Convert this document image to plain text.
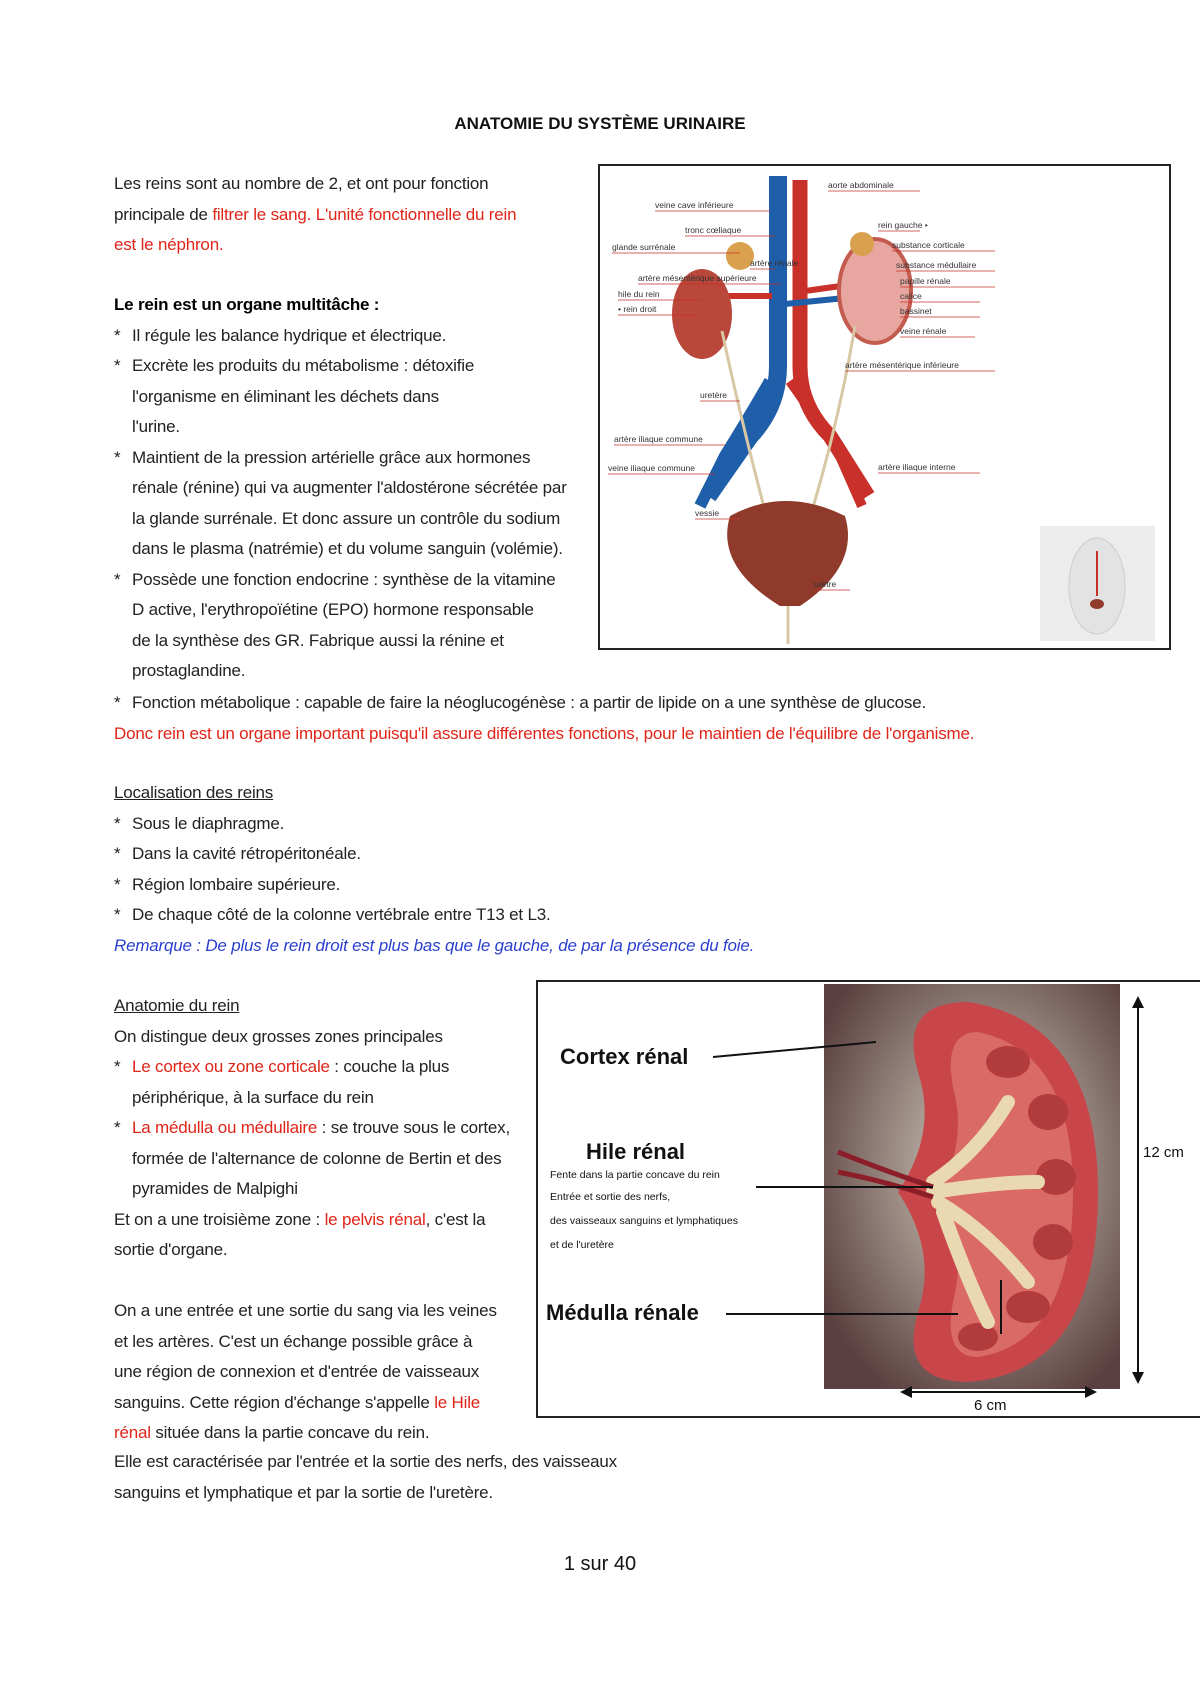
ANATOMIE DU SYSTÈME URINAIRE
Les reins sont au nombre de 2, et ont pour fonction
principale de filtrer le sang. L'unité fonctionnelle du rein
est le néphron.
Le rein est un organe multitâche :
* Il régule les balance hydrique et électrique.
* Excrète les produits du métabolisme : détoxifie l'organisme en éliminant les déchets dans l'urine.
* Maintient de la pression artérielle grâce aux hormones rénale (rénine) qui va augmenter l'aldostérone sécrétée par la glande surrénale. Et donc assure un contrôle du sodium dans le plasma (natrémie) et du volume sanguin (volémie).
* Possède une fonction endocrine : synthèse de la vitamine D active, l'erythropoïétine (EPO) hormone responsable de la synthèse des GR. Fabrique aussi la rénine et prostaglandine.
* Fonction métabolique : capable de faire la néoglucogénèse : a partir de lipide on a une synthèse de glucose.
Donc rein est un organe important puisqu'il assure différentes fonctions, pour le maintien de l'équilibre de l'organisme.
Localisation des reins
* Sous le diaphragme.
* Dans la cavité rétropéritonéale.
* Région lombaire supérieure.
* De chaque côté de la colonne vertébrale entre T13 et L3.
Remarque : De plus le rein droit est plus bas que le gauche, de par la présence du foie.
Anatomie du rein
On distingue deux grosses zones principales
* Le cortex ou zone corticale : couche la plus périphérique, à la surface du rein
* La médulla ou médullaire : se trouve sous le cortex, formée de l'alternance de colonne de Bertin et des pyramides de Malpighi
Et on a une troisième zone : le pelvis rénal, c'est la sortie d'organe.
On a une entrée et une sortie du sang via les veines et les artères. C'est un échange possible grâce à une région de connexion et d'entrée de vaisseaux sanguins. Cette région d'échange s'appelle le Hile rénal située dans la partie concave du rein.
Elle est caractérisée par l'entrée et la sortie des nerfs, des vaisseaux sanguins et lymphatique et par la sortie de l'uretère.
veine cave inférieure
tronc cœliaque
glande surrénale
artère rénale
artère mésentérique supérieure
hile du rein
• rein droit
uretère
artère iliaque commune
veine iliaque commune
vessie
aorte abdominale
rein gauche •
substance corticale
substance médullaire
papille rénale
calice
bassinet
veine rénale
artère mésentérique inférieure
artère iliaque interne
urètre
Cortex rénal
Hile rénal
Fente dans la partie concave du rein
Entrée et sortie des nerfs,
des vaisseaux sanguins et lymphatiques
et de l'uretère
Médulla rénale
12 cm
6 cm
1 sur 40
